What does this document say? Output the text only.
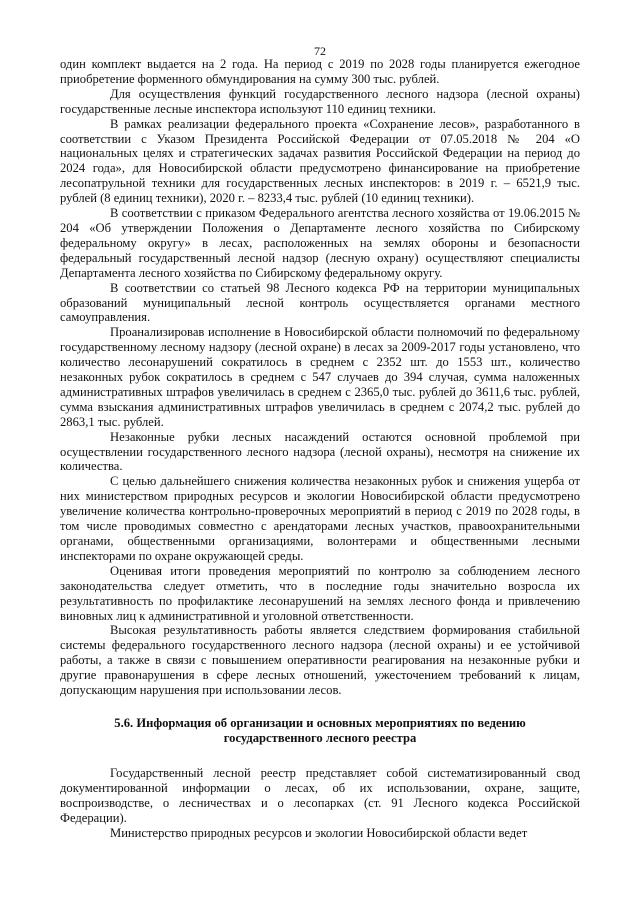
72

один комплект выдается на 2 года. На период с 2019 по 2028 годы планируется ежегодное приобретение форменного обмундирования на сумму 300 тыс. рублей.

Для осуществления функций государственного лесного надзора (лесной охраны) государственные лесные инспектора используют 110 единиц техники.

В рамках реализации федерального проекта «Сохранение лесов», разработанного в соответствии с Указом Президента Российской Федерации от 07.05.2018 № 204 «О национальных целях и стратегических задачах развития Российской Федерации на период до 2024 года», для Новосибирской области предусмотрено финансирование на приобретение лесопатрульной техники для государственных лесных инспекторов: в 2019 г. – 6521,9 тыс. рублей (8 единиц техники), 2020 г. – 8233,4 тыс. рублей (10 единиц техники).

В соответствии с приказом Федерального агентства лесного хозяйства от 19.06.2015 № 204 «Об утверждении Положения о Департаменте лесного хозяйства по Сибирскому федеральному округу» в лесах, расположенных на землях обороны и безопасности федеральный государственный лесной надзор (лесную охрану) осуществляют специалисты Департамента лесного хозяйства по Сибирскому федеральному округу.

В соответствии со статьей 98 Лесного кодекса РФ на территории муниципальных образований муниципальный лесной контроль осуществляется органами местного самоуправления.

Проанализировав исполнение в Новосибирской области полномочий по федеральному государственному лесному надзору (лесной охране) в лесах за 2009-2017 годы установлено, что количество лесонарушений сократилось в среднем с 2352 шт. до 1553 шт., количество незаконных рубок сократилось в среднем с 547 случаев до 394 случая, сумма наложенных административных штрафов увеличилась в среднем с 2365,0 тыс. рублей до 3611,6 тыс. рублей, сумма взыскания административных штрафов увеличилась в среднем с 2074,2 тыс. рублей до 2863,1 тыс. рублей.

Незаконные рубки лесных насаждений остаются основной проблемой при осуществлении государственного лесного надзора (лесной охраны), несмотря на снижение их количества.

С целью дальнейшего снижения количества незаконных рубок и снижения ущерба от них министерством природных ресурсов и экологии Новосибирской области предусмотрено увеличение количества контрольно-проверочных мероприятий в период с 2019 по 2028 годы, в том числе проводимых совместно с арендаторами лесных участков, правоохранительными органами, общественными организациями, волонтерами и общественными лесными инспекторами по охране окружающей среды.

Оценивая итоги проведения мероприятий по контролю за соблюдением лесного законодательства следует отметить, что в последние годы значительно возросла их результативность по профилактике лесонарушений на землях лесного фонда и привлечению виновных лиц к административной и уголовной ответственности.

Высокая результативность работы является следствием формирования стабильной системы федерального государственного лесного надзора (лесной охраны) и ее устойчивой работы, а также в связи с повышением оперативности реагирования на незаконные рубки и другие правонарушения в сфере лесных отношений, ужесточением требований к лицам, допускающим нарушения при использовании лесов.

5.6. Информация об организации и основных мероприятиях по ведению
государственного лесного реестра

Государственный лесной реестр представляет собой систематизированный свод документированной информации о лесах, об их использовании, охране, защите, воспроизводстве, о лесничествах и о лесопарках (ст. 91 Лесного кодекса Российской Федерации).

Министерство природных ресурсов и экологии Новосибирской области ведет
